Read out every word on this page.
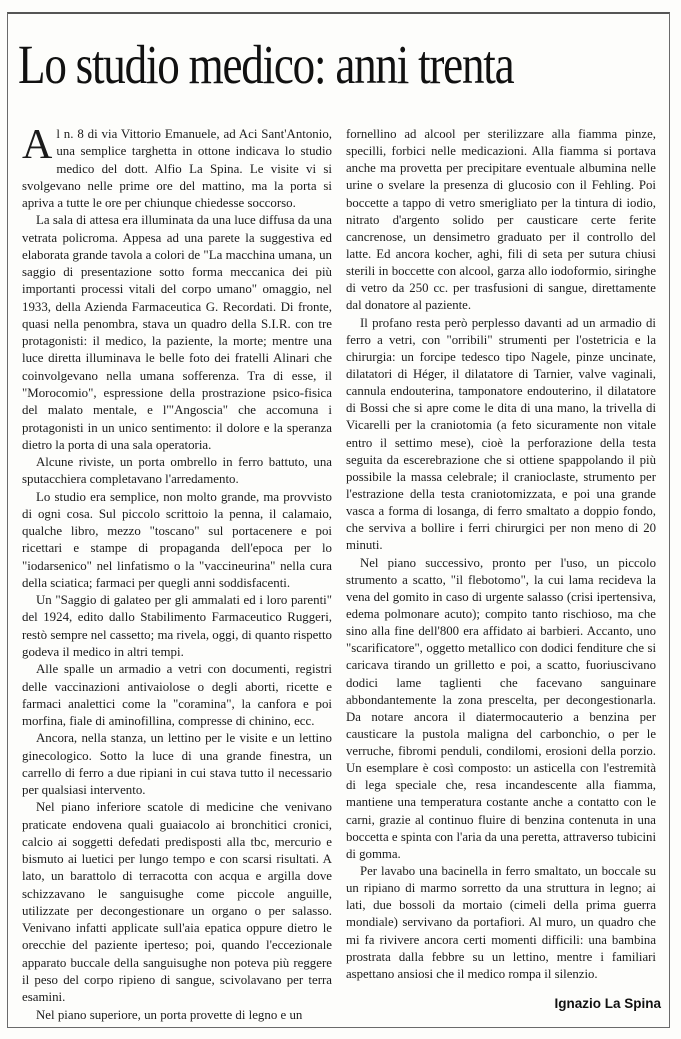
Lo studio medico: anni trenta

Al n. 8 di via Vittorio Emanuele, ad Aci Sant'Antonio, una semplice targhetta in ottone indicava lo studio medico del dott. Alfio La Spina. Le visite vi si svolgevano nelle prime ore del mattino, ma la porta si apriva a tutte le ore per chiunque chiedesse soccorso.

La sala di attesa era illuminata da una luce diffusa da una vetrata policroma. Appesa ad una parete la suggestiva ed elaborata grande tavola a colori de "La macchina umana, un saggio di presentazione sotto forma meccanica dei più importanti processi vitali del corpo umano" omaggio, nel 1933, della Azienda Farmaceutica G. Recordati. Di fronte, quasi nella penombra, stava un quadro della S.I.R. con tre protagonisti: il medico, la paziente, la morte; mentre una luce diretta illuminava le belle foto dei fratelli Alinari che coinvolgevano nella umana sofferenza. Tra di esse, il "Morocomio", espressione della prostrazione psico-fisica del malato mentale, e l'"Angoscia" che accomuna i protagonisti in un unico sentimento: il dolore e la speranza dietro la porta di una sala operatoria.

Alcune riviste, un porta ombrello in ferro battuto, una sputacchiera completavano l'arredamento.

Lo studio era semplice, non molto grande, ma provvisto di ogni cosa. Sul piccolo scrittoio la penna, il calamaio, qualche libro, mezzo "toscano" sul portacenere e poi ricettari e stampe di propaganda dell'epoca per lo "iodarsenico" nel linfatismo o la "vaccineurina" nella cura della sciatica; farmaci per quegli anni soddisfacenti.

Un "Saggio di galateo per gli ammalati ed i loro parenti" del 1924, edito dallo Stabilimento Farmaceutico Ruggeri, restò sempre nel cassetto; ma rivela, oggi, di quanto rispetto godeva il medico in altri tempi.

Alle spalle un armadio a vetri con documenti, registri delle vaccinazioni antivaiolose o degli aborti, ricette e farmaci analettici come la "coramina", la canfora e poi morfina, fiale di aminofillina, compresse di chinino, ecc.

Ancora, nella stanza, un lettino per le visite e un lettino ginecologico. Sotto la luce di una grande finestra, un carrello di ferro a due ripiani in cui stava tutto il necessario per qualsiasi intervento.

Nel piano inferiore scatole di medicine che venivano praticate endovena quali guaiacolo ai bronchitici cronici, calcio ai soggetti defedati predisposti alla tbc, mercurio e bismuto ai luetici per lungo tempo e con scarsi risultati. A lato, un barattolo di terracotta con acqua e argilla dove schizzavano le sanguisughe come piccole anguille, utilizzate per decongestionare un organo o per salasso. Venivano infatti applicate sull'aia epatica oppure dietro le orecchie del paziente iperteso; poi, quando l'eccezionale apparato buccale della sanguisughe non poteva più reggere il peso del corpo ripieno di sangue, scivolavano per terra esamini.

Nel piano superiore, un porta provette di legno e un

fornellino ad alcool per sterilizzare alla fiamma pinze, specilli, forbici nelle medicazioni. Alla fiamma si portava anche ma provetta per precipitare eventuale albumina nelle urine o svelare la presenza di glucosio con il Fehling. Poi boccette a tappo di vetro smerigliato per la tintura di iodio, nitrato d'argento solido per causticare certe ferite cancrenose, un densimetro graduato per il controllo del latte. Ed ancora kocher, aghi, fili di seta per sutura chiusi sterili in boccette con alcool, garza allo iodoformio, siringhe di vetro da 250 cc. per trasfusioni di sangue, direttamente dal donatore al paziente.

Il profano resta però perplesso davanti ad un armadio di ferro a vetri, con "orribili" strumenti per l'ostetricia e la chirurgia: un forcipe tedesco tipo Nagele, pinze uncinate, dilatatori di Héger, il dilatatore di Tarnier, valve vaginali, cannula endouterina, tamponatore endouterino, il dilatatore di Bossi che si apre come le dita di una mano, la trivella di Vicarelli per la craniotomia (a feto sicuramente non vitale entro il settimo mese), cioè la perforazione della testa seguita da escerebrazione che si ottiene spappolando il più possibile la massa celebrale; il cranioclaste, strumento per l'estrazione della testa craniotomizzata, e poi una grande vasca a forma di losanga, di ferro smaltato a doppio fondo, che serviva a bollire i ferri chirurgici per non meno di 20 minuti.

Nel piano successivo, pronto per l'uso, un piccolo strumento a scatto, "il flebotomo", la cui lama recideva la vena del gomito in caso di urgente salasso (crisi ipertensiva, edema polmonare acuto); compito tanto rischioso, ma che sino alla fine dell'800 era affidato ai barbieri. Accanto, uno "scarificatore", oggetto metallico con dodici fenditure che si caricava tirando un grilletto e poi, a scatto, fuoriuscivano dodici lame taglienti che facevano sanguinare abbondantemente la zona prescelta, per decongestionarla. Da notare ancora il diatermocauterio a benzina per causticare la pustola maligna del carbonchio, o per le verruche, fibromi penduli, condilomi, erosioni della porzio. Un esemplare è così composto: un asticella con l'estremità di lega speciale che, resa incandescente alla fiamma, mantiene una temperatura costante anche a contatto con le carni, grazie al continuo fluire di benzina contenuta in una boccetta e spinta con l'aria da una peretta, attraverso tubicini di gomma.

Per lavabo una bacinella in ferro smaltato, un boccale su un ripiano di marmo sorretto da una struttura in legno; ai lati, due bossoli da mortaio (cimeli della prima guerra mondiale) servivano da portafiori. Al muro, un quadro che mi fa rivivere ancora certi momenti difficili: una bambina prostrata dalla febbre su un lettino, mentre i familiari aspettano ansiosi che il medico rompa il silenzio.

Ignazio La Spina
